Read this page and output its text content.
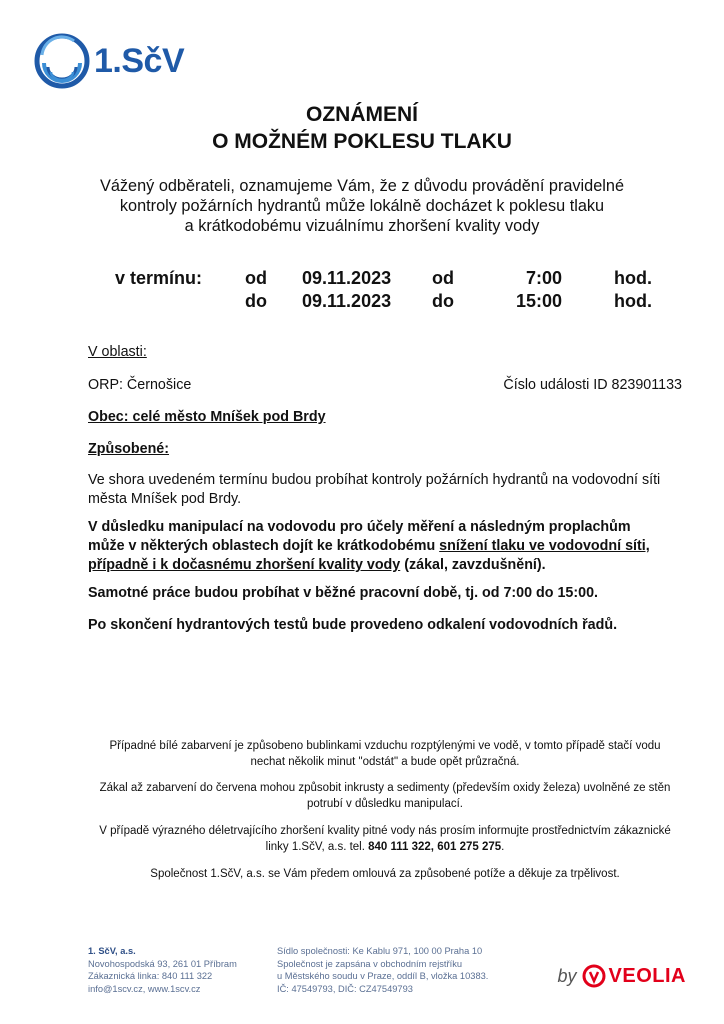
1.SčV
OZNÁMENÍ
O MOŽNÉM POKLESU TLAKU
Vážený odběrateli, oznamujeme Vám, že z důvodu provádění pravidelné
kontroly požárních hydrantů může lokálně docházet k poklesu tlaku
a krátkodobému vizuálnímu zhoršení kvality vody
v termínu: od 09.11.2023 od	7:00	hod.
do 09.11.2023 do	15:00	hod.
V oblasti:
ORP: Černošice	Číslo události ID 823901133
Obec: celé město Mníšek pod Brdy
Způsobené:
Ve shora uvedeném termínu budou probíhat kontroly požárních hydrantů na vodovodní síti
města Mníšek pod Brdy.
V důsledku manipulací na vodovodu pro účely měření a následným proplachům
může v některých oblastech dojít ke krátkodobému snížení tlaku ve vodovodní síti,
případně i k dočasnému zhoršení kvality vody (zákal, zavzdušnění).
Samotné práce budou probíhat v běžné pracovní době, tj. od 7:00 do 15:00.
Po skončení hydrantových testů bude provedeno odkalení vodovodních řadů.
Případné bílé zabarvení je způsobeno bublinkami vzduchu rozptýlenými ve vodě, v tomto případě stačí vodu
nechat několik minut "odstát" a bude opět průzračná.
Zákal až zabarvení do červena mohou způsobit inkrusty a sedimenty (především oxidy železa) uvolněné ze stěn
potrubí v důsledku manipulací.
V případě výrazného déletrvajícího zhoršení kvality pitné vody nás prosím informujte prostřednictvím zákaznické
linky 1.SčV, a.s. tel. 840 111 322, 601 275 275.
Společnost 1.SčV, a.s. se Vám předem omlouvá za způsobené potíže a děkuje za trpělivost.
1. SčV, a.s.
Novohospodská 93, 261 01 Příbram
Zákaznická linka: 840 111 322
info@1scv.cz, www.1scv.cz
Sídlo společnosti: Ke Kablu 971, 100 00 Praha 10
Společnost je zapsána v obchodním rejstříku
u Městského soudu v Praze, oddíl B, vložka 10383.
IČ: 47549793, DIČ: CZ47549793
by VEOLIA
